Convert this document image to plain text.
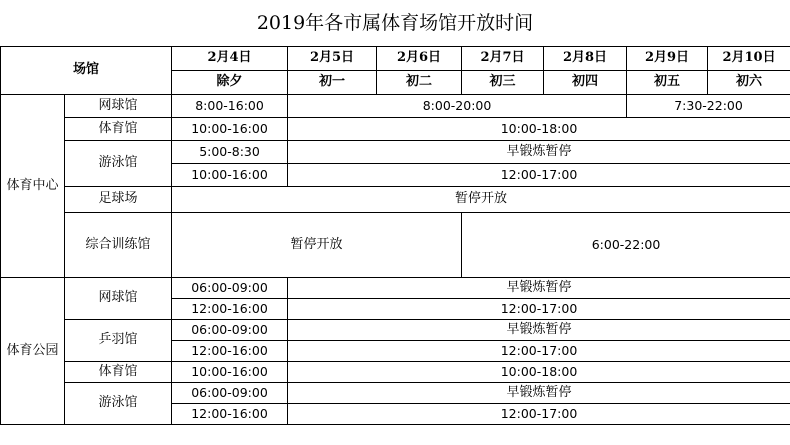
2019年各市属体育场馆开放时间
场馆		2月4日	2月5日	2月6日	2月7日	2月8日	2月9日	2月10日
		除夕	初一	初二	初三	初四	初五	初六
体育中心	网球馆	8:00-16:00	8:00-20:00				7:30-22:00	
	体育馆	10:00-16:00	10:00-18:00					
	游泳馆	5:00-8:30	早锻炼暂停					
		10:00-16:00	12:00-17:00					
	足球场	暂停开放						
	综合训练馆	暂停开放			6:00-22:00			

体育公园	网球馆	06:00-09:00	早锻炼暂停					
		12:00-16:00	12:00-17:00					
	乒羽馆	06:00-09:00	早锻炼暂停					
		12:00-16:00	12:00-17:00					
	体育馆	10:00-16:00	10:00-18:00					
	游泳馆	06:00-09:00	早锻炼暂停					
		12:00-16:00	12:00-17:00					
